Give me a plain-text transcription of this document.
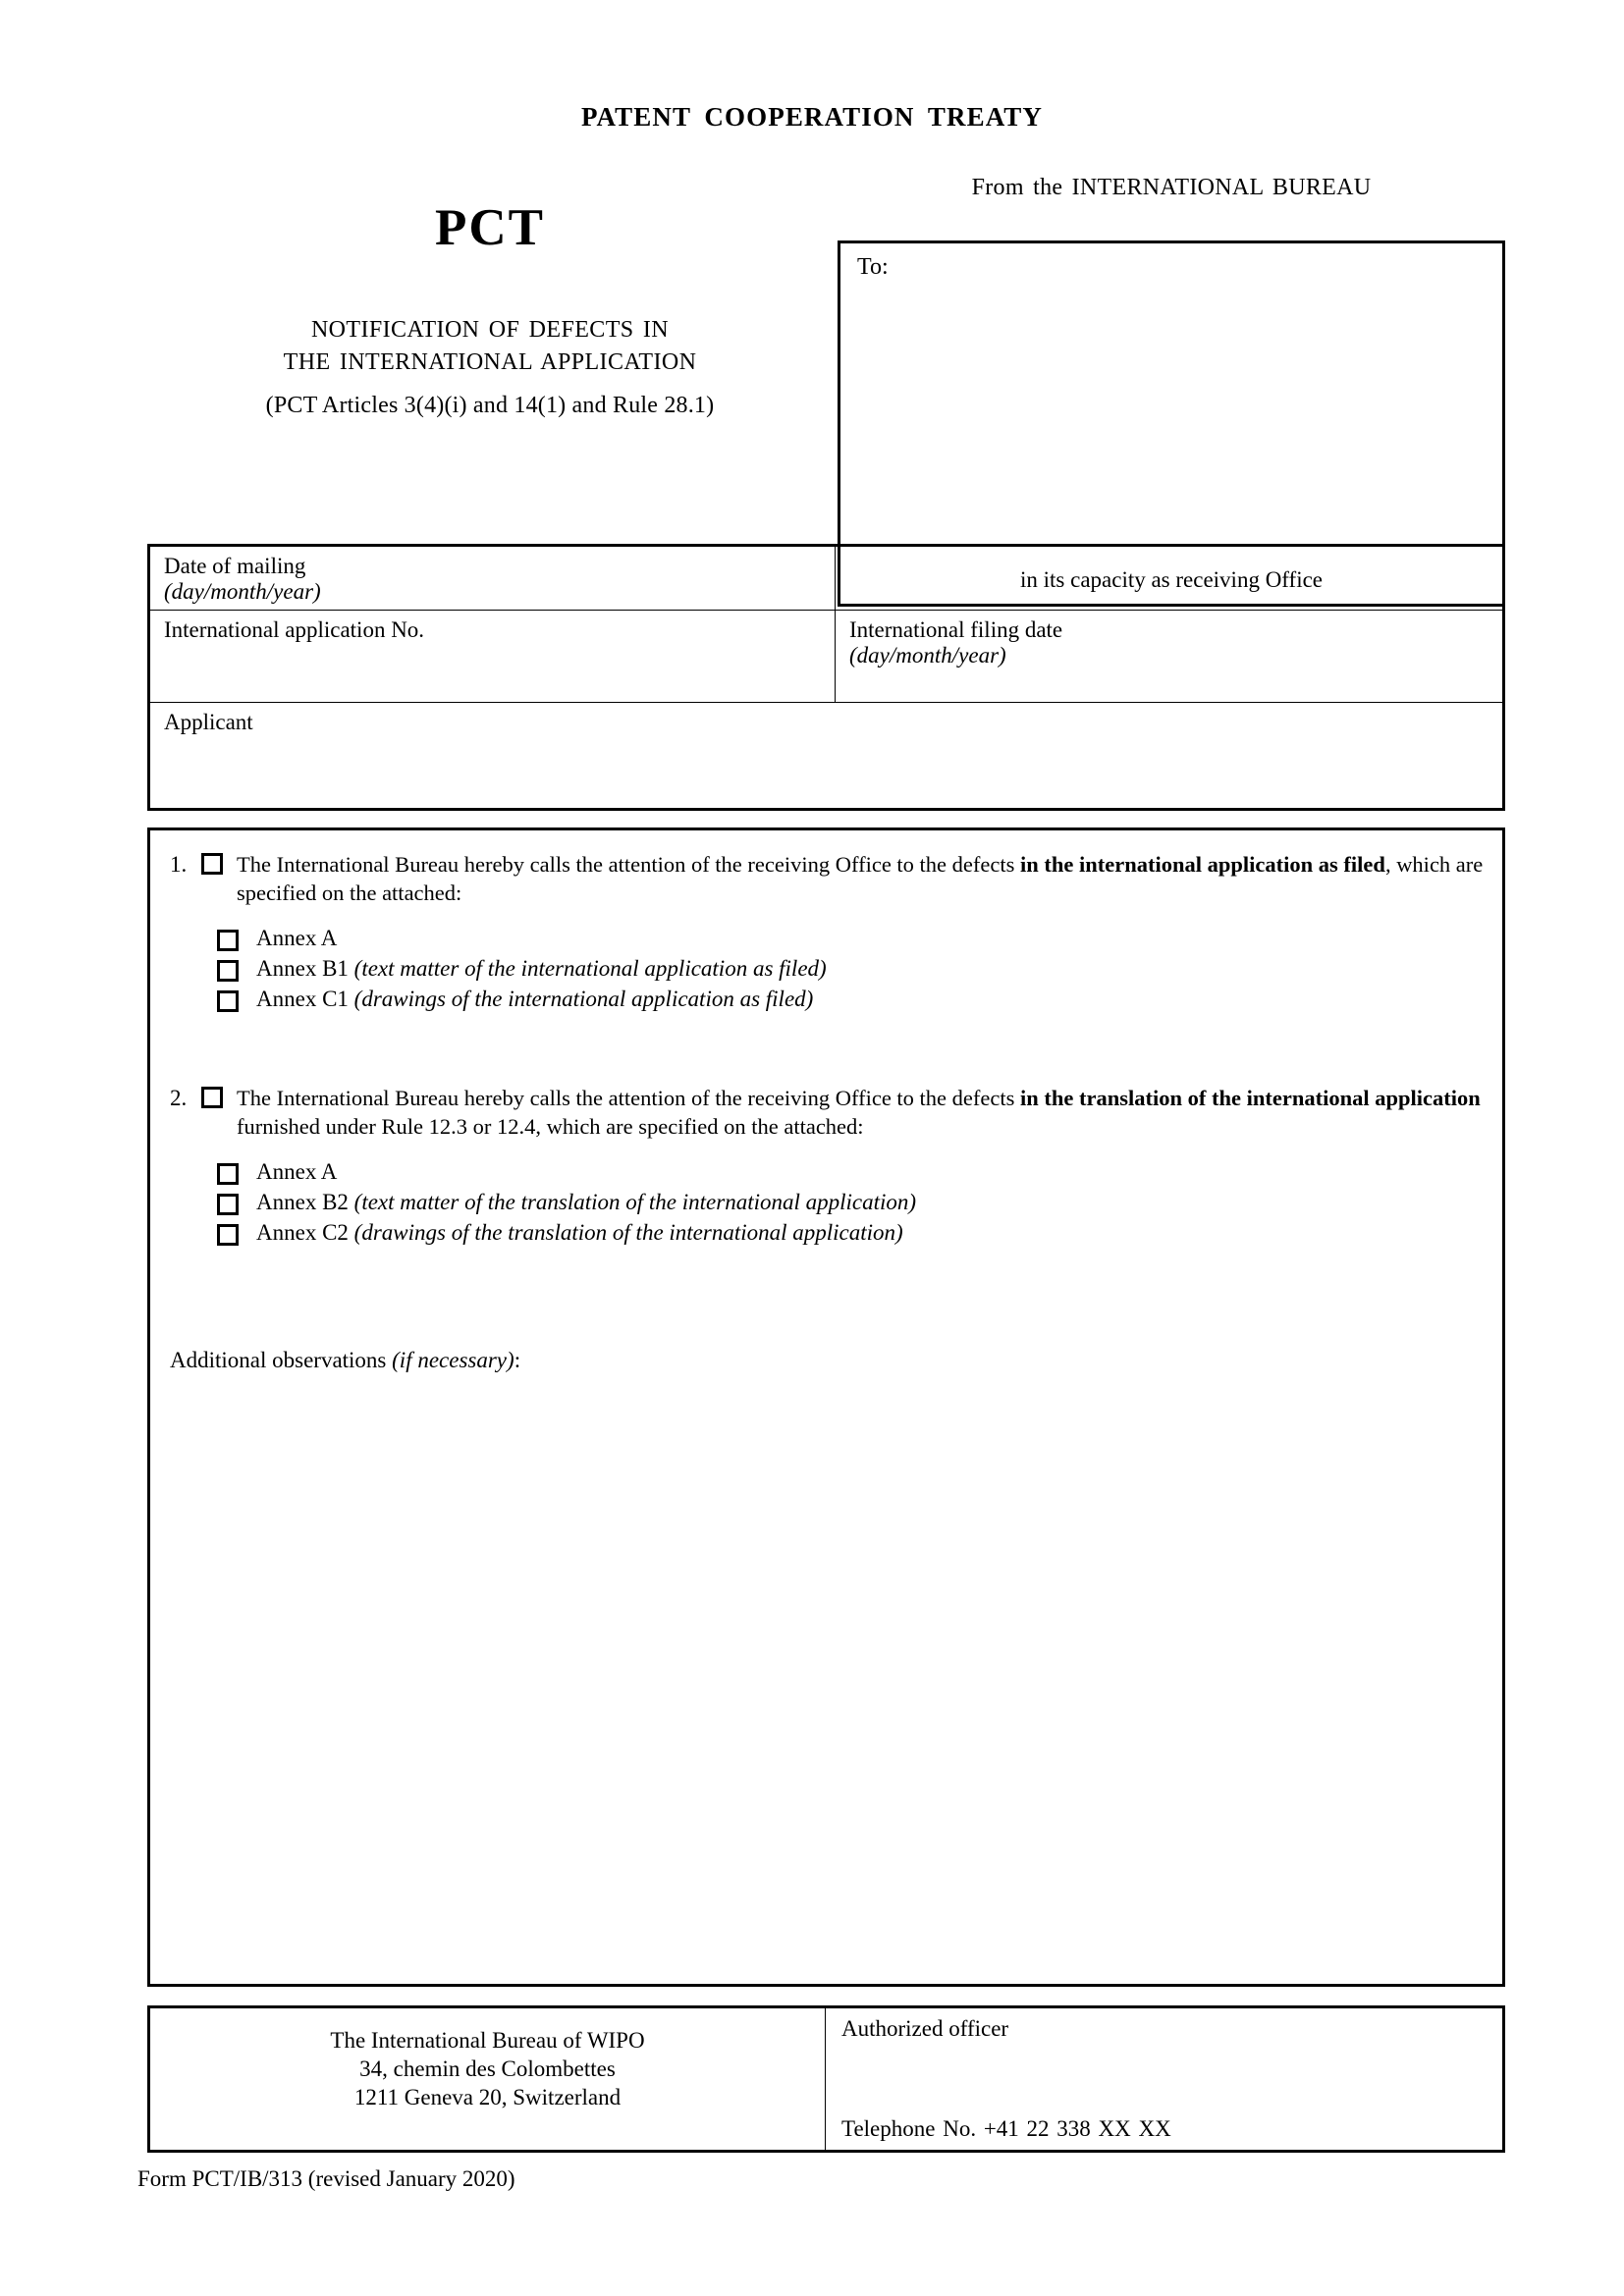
PATENT COOPERATION TREATY
PCT
NOTIFICATION OF DEFECTS IN
THE INTERNATIONAL APPLICATION
(PCT Articles 3(4)(i) and 14(1) and Rule 28.1)
From the INTERNATIONAL BUREAU
To:
in its capacity as receiving Office
Date of mailing
(day/month/year)
International application No.	International filing date
(day/month/year)
Applicant
1. The International Bureau hereby calls the attention of the receiving Office to the defects in the international application as filed, which are specified on the attached:
Annex A
Annex B1 (text matter of the international application as filed)
Annex C1 (drawings of the international application as filed)
2. The International Bureau hereby calls the attention of the receiving Office to the defects in the translation of the international application furnished under Rule 12.3 or 12.4, which are specified on the attached:
Annex A
Annex B2 (text matter of the translation of the international application)
Annex C2 (drawings of the translation of the international application)
Additional observations (if necessary):
The International Bureau of WIPO
34, chemin des Colombettes
1211 Geneva 20, Switzerland
Authorized officer
Telephone No. +41 22 338 XX XX
Form PCT/IB/313 (revised January 2020)
